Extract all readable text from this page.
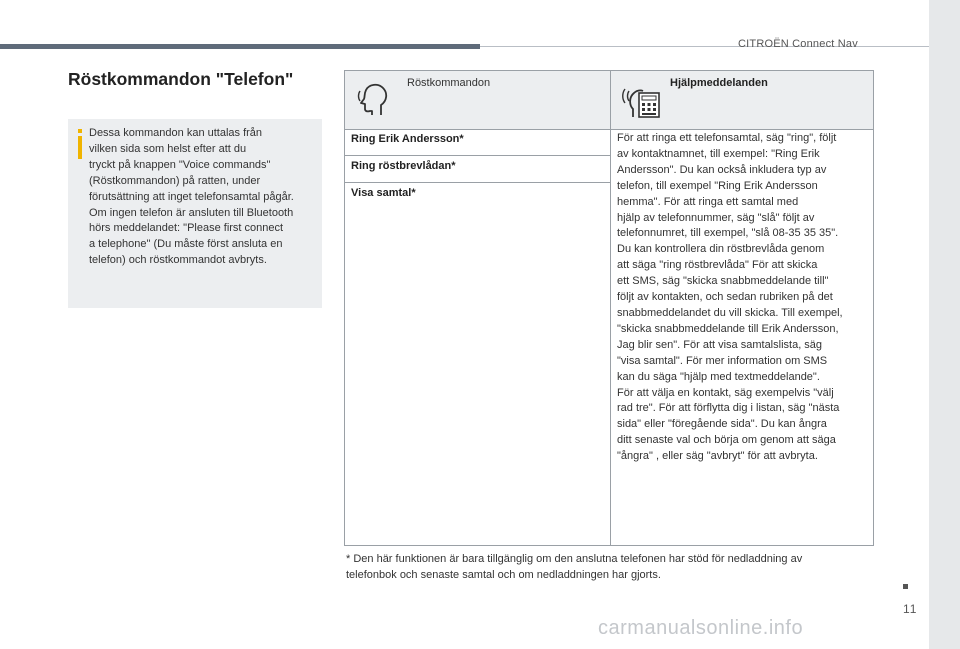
CITROËN Connect Nav
Röstkommandon "Telefon"

Dessa kommandon kan uttalas från
vilken sida som helst efter att du
tryckt på knappen "Voice commands"
(Röstkommandon) på ratten, under
förutsättning att inget telefonsamtal pågår.
Om ingen telefon är ansluten till Bluetooth
hörs meddelandet: "Please first connect
a telephone" (Du måste först ansluta en
telefon) och röstkommandot avbryts.

Röstkommandon	Hjälpmeddelanden
Ring Erik Andersson*
Ring röstbrevlådan*
Visa samtal*

För att ringa ett telefonsamtal, säg "ring", följt
av kontaktnamnet, till exempel: "Ring Erik
Andersson". Du kan också inkludera typ av
telefon, till exempel "Ring Erik Andersson
hemma". För att ringa ett samtal med
hjälp av telefonnummer, säg "slå" följt av
telefonnumret, till exempel, "slå 08-35 35 35".
Du kan kontrollera din röstbrevlåda genom
att säga "ring röstbrevlåda" För att skicka
ett SMS, säg "skicka snabbmeddelande till"
följt av kontakten, och sedan rubriken på det
snabbmeddelandet du vill skicka. Till exempel,
"skicka snabbmeddelande till Erik Andersson,
Jag blir sen". För att visa samtalslista, säg
"visa samtal". För mer information om SMS
kan du säga "hjälp med textmeddelande".
För att välja en kontakt, säg exempelvis "välj
rad tre". För att förflytta dig i listan, säg "nästa
sida" eller "föregående sida". Du kan ångra
ditt senaste val och börja om genom att säga
"ångra" , eller säg "avbryt" för att avbryta.

* Den här funktionen är bara tillgänglig om den anslutna telefonen har stöd för nedladdning av
telefonbok och senaste samtal och om nedladdningen har gjorts.

11
carmanualsonline.info
